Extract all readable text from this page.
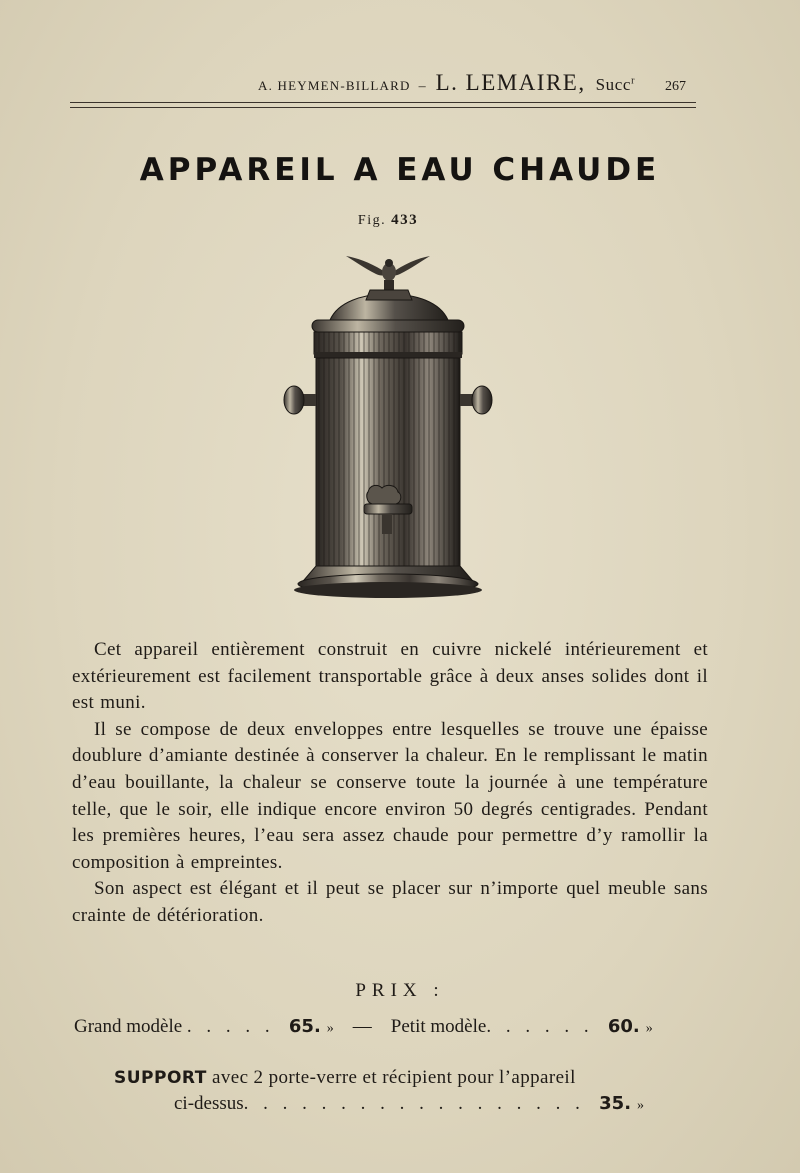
A. HEYMEN-BILLARD – L. LEMAIRE, Succ$^r$ 267
APPAREIL A EAU CHAUDE
Fig. 433

Cet appareil entièrement construit en cuivre nickelé intérieurement et extérieurement est facilement transportable grâce à deux anses solides dont il est muni.

Il se compose de deux enveloppes entre lesquelles se trouve une épaisse doublure d’amiante destinée à conserver la chaleur. En le remplissant le matin d’eau bouillante, la chaleur se conserve toute la journée à une température telle, que le soir, elle indique encore environ 50 degrés centigrades. Pendant les premières heures, l’eau sera assez chaude pour permettre d’y ramollir la composition à empreintes.

Son aspect est élégant et il peut se placer sur n’importe quel meuble sans crainte de détérioration.

PRIX :
Grand modèle . . . . . 65. » — Petit modèle. . . . . . 60. »
SUPPORT avec 2 porte-verre et récipient pour l’appareil
ci-dessus. . . . . . . . . . . . . . . . . . 35. »
